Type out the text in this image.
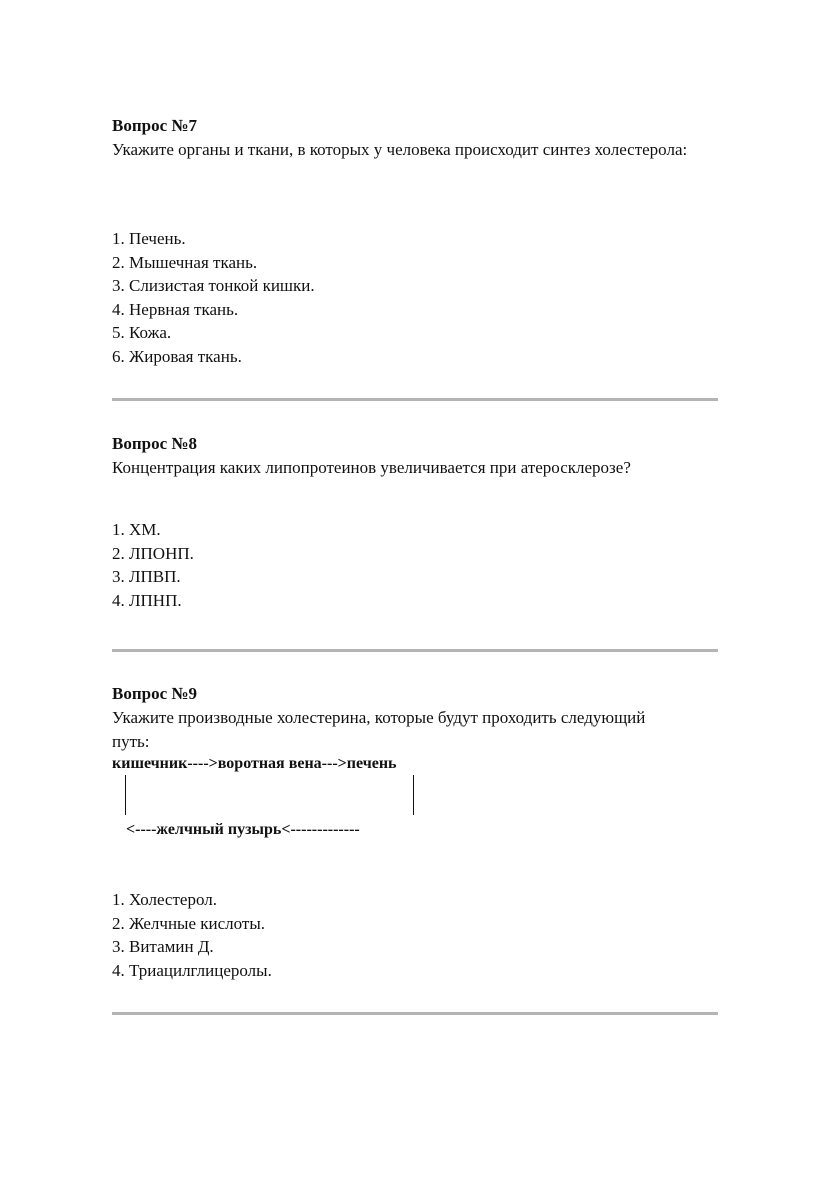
Вопрос №7

Укажите органы и ткани, в которых у человека происходит синтез холестерола:

1. Печень.
2. Мышечная ткань.
3. Слизистая тонкой кишки.
4. Нервная ткань.
5. Кожа.
6. Жировая ткань.

Вопрос №8

Концентрация каких липопротеинов увеличивается при атеросклерозе?

1. ХМ.
2. ЛПОНП.
3. ЛПВП.
4. ЛПНП.

Вопрос №9

Укажите производные холестерина, которые будут проходить следующий путь:

кишечник---->воротная вена--->печень

<----желчный пузырь<-------------

1. Холестерол.
2. Желчные кислоты.
3. Витамин Д.
4. Триацилглицеролы.
